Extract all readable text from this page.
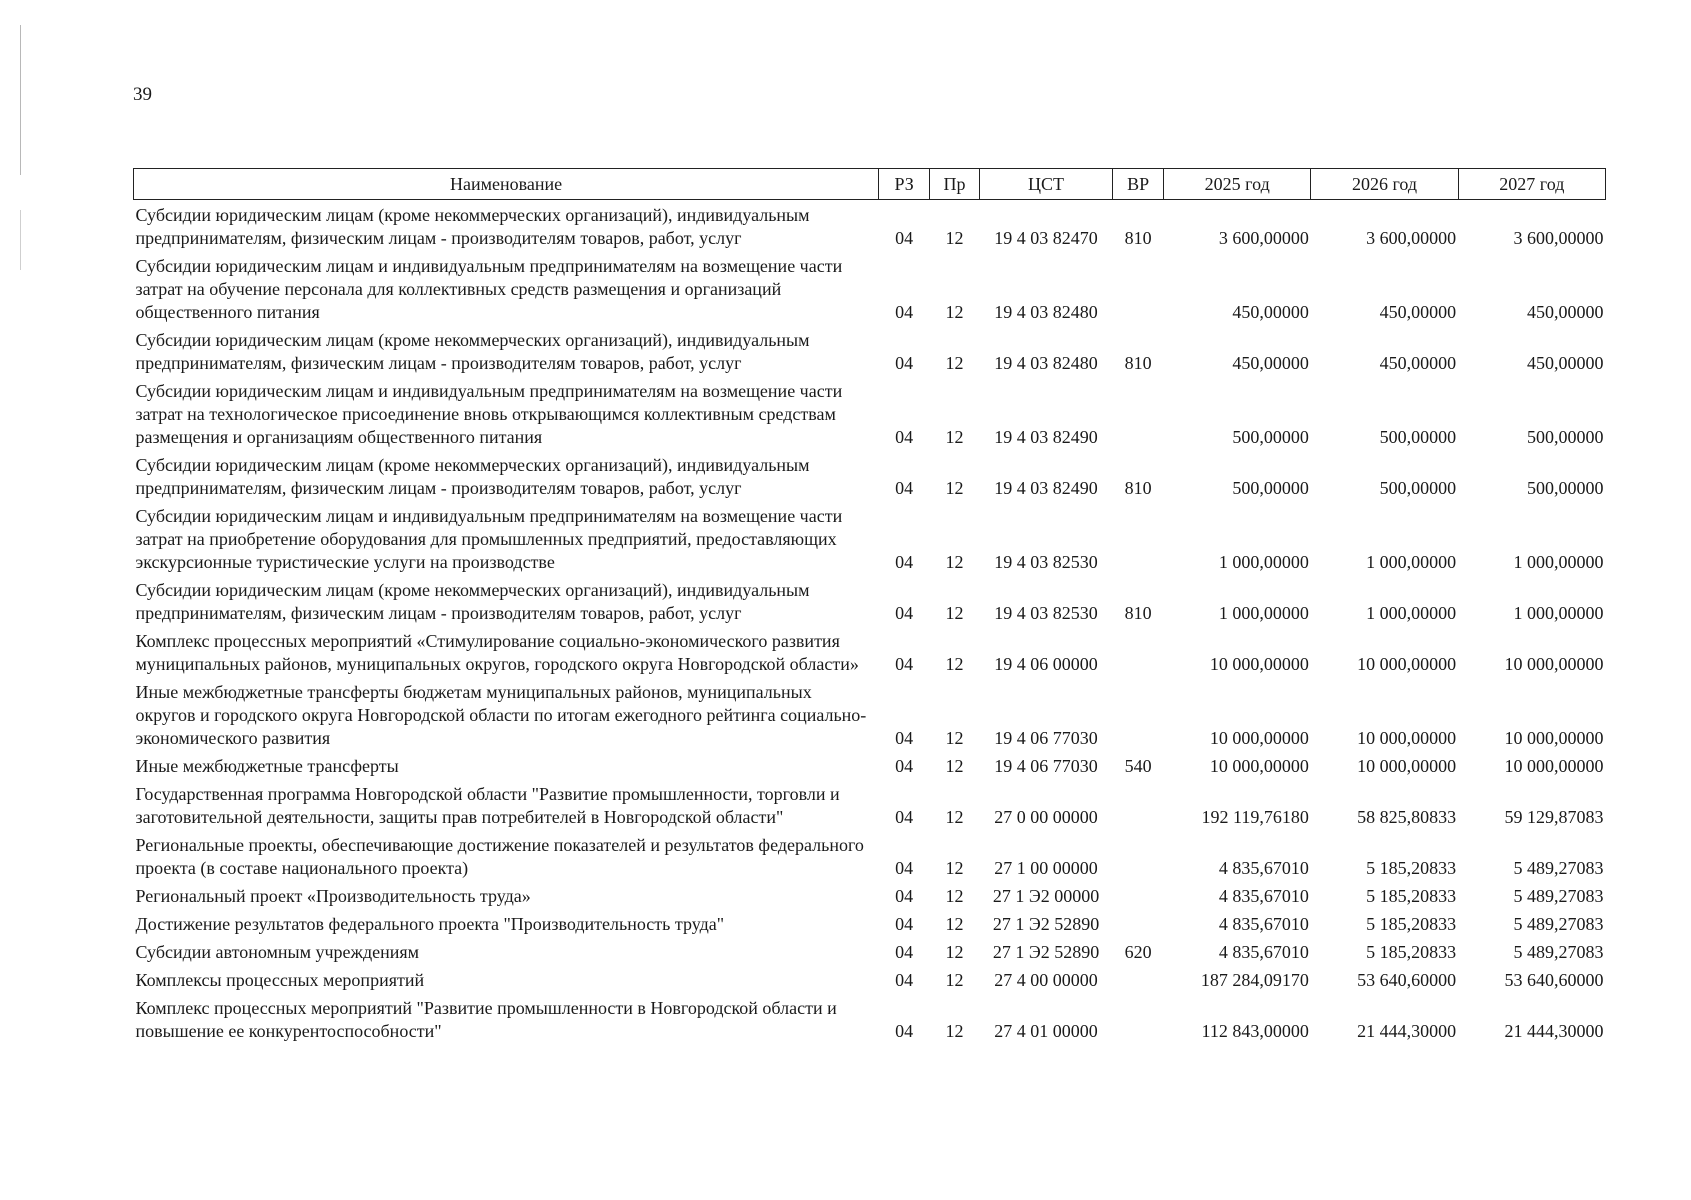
39
Наименование	РЗ	Пр	ЦСТ	ВР	2025 год	2026 год	2027 год
Субсидии юридическим лицам (кроме некоммерческих организаций), индивидуальным предпринимателям, физическим лицам - производителям товаров, работ, услуг	04	12	19 4 03 82470	810	3 600,00000	3 600,00000	3 600,00000
Субсидии юридическим лицам и индивидуальным предпринимателям на возмещение части затрат на обучение персонала для коллективных средств размещения и организаций общественного питания	04	12	19 4 03 82480		450,00000	450,00000	450,00000
Субсидии юридическим лицам (кроме некоммерческих организаций), индивидуальным предпринимателям, физическим лицам - производителям товаров, работ, услуг	04	12	19 4 03 82480	810	450,00000	450,00000	450,00000
Субсидии юридическим лицам и индивидуальным предпринимателям на возмещение части затрат на технологическое присоединение вновь открывающимся коллективным средствам размещения и организациям общественного питания	04	12	19 4 03 82490		500,00000	500,00000	500,00000
Субсидии юридическим лицам (кроме некоммерческих организаций), индивидуальным предпринимателям, физическим лицам - производителям товаров, работ, услуг	04	12	19 4 03 82490	810	500,00000	500,00000	500,00000
Субсидии юридическим лицам и индивидуальным предпринимателям на возмещение части затрат на приобретение оборудования для промышленных предприятий, предоставляющих экскурсионные туристические услуги на производстве	04	12	19 4 03 82530		1 000,00000	1 000,00000	1 000,00000
Субсидии юридическим лицам (кроме некоммерческих организаций), индивидуальным предпринимателям, физическим лицам - производителям товаров, работ, услуг	04	12	19 4 03 82530	810	1 000,00000	1 000,00000	1 000,00000
Комплекс процессных мероприятий «Стимулирование социально-экономического развития муниципальных районов, муниципальных округов, городского округа Новгородской области»	04	12	19 4 06 00000		10 000,00000	10 000,00000	10 000,00000
Иные межбюджетные трансферты бюджетам муниципальных районов, муниципальных округов и городского округа Новгородской области по итогам ежегодного рейтинга социально-экономического развития	04	12	19 4 06 77030		10 000,00000	10 000,00000	10 000,00000
Иные межбюджетные трансферты	04	12	19 4 06 77030	540	10 000,00000	10 000,00000	10 000,00000
Государственная программа Новгородской области "Развитие промышленности, торговли и заготовительной деятельности, защиты прав потребителей в Новгородской области"	04	12	27 0 00 00000		192 119,76180	58 825,80833	59 129,87083
Региональные проекты, обеспечивающие достижение показателей и результатов федерального проекта (в составе национального проекта)	04	12	27 1 00 00000		4 835,67010	5 185,20833	5 489,27083
Региональный проект «Производительность труда»	04	12	27 1 Э2 00000		4 835,67010	5 185,20833	5 489,27083
Достижение результатов федерального проекта "Производительность труда"	04	12	27 1 Э2 52890		4 835,67010	5 185,20833	5 489,27083
Субсидии автономным учреждениям	04	12	27 1 Э2 52890	620	4 835,67010	5 185,20833	5 489,27083
Комплексы процессных мероприятий	04	12	27 4 00 00000		187 284,09170	53 640,60000	53 640,60000
Комплекс процессных мероприятий "Развитие промышленности в Новгородской области и повышение ее конкурентоспособности"	04	12	27 4 01 00000		112 843,00000	21 444,30000	21 444,30000
